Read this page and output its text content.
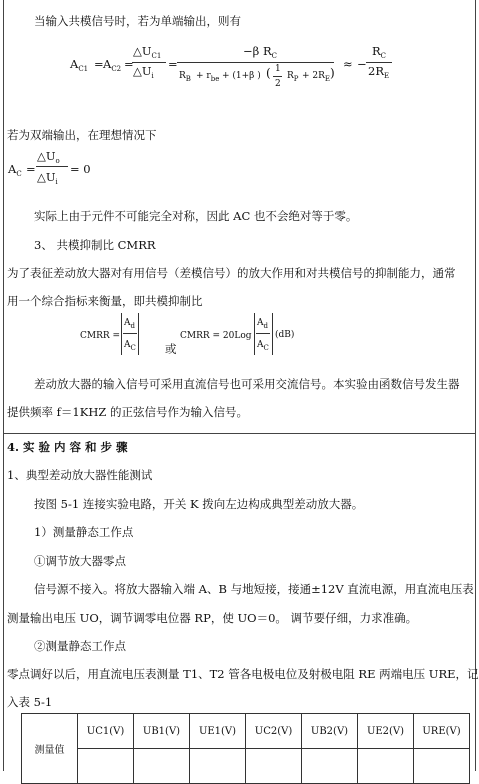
当输入共模信号时，若为单端输出，则有
$A_{C1} = A_{C2}$ =
$\triangle U_{C1}$
$\triangle U_i$
=
−β $R_C$
$R_B + r_{be} + (1+\beta$ ) ( 1
2
$R_P + 2R_E$ )
≈ −
$R_C$
$2R_E$
若为双端输出，在理想情况下
$A_C$ =
$\triangle U_o$
$\triangle U_i$
= 0
实际上由于元件不可能完全对称，因此 AC 也不会绝对等于零。
3、 共模抑制比 CMRR
为了表征差动放大器对有用信号（差模信号）的放大作用和对共模信号的抑制能力，通常
用一个综合指标来衡量，即共模抑制比
CMRR =
$A_d$
$A_C$	或
CMRR = 20Log
$A_d$
$A_C$
(dB)
差动放大器的输入信号可采用直流信号也可采用交流信号。本实验由函数信号发生器
提供频率 f＝1KHZ 的正弦信号作为输入信号。
4. 实 验 内 容 和 步 骤
1、典型差动放大器性能测试
按图 5-1 连接实验电路，开关 K 拨向左边构成典型差动放大器。
1）测量静态工作点
①调节放大器零点
信号源不接入。将放大器输入端 A、B 与地短接，接通±12V 直流电源，用直流电压表
测量输出电压 UO，调节调零电位器 RP，使 UO＝0。 调节要仔细，力求准确。
②测量静态工作点
零点调好以后，用直流电压表测量 T1、T2 管各电极电位及射极电阻 RE 两端电压 URE，记
入表 5-1
测量值	UC1(V)	UB1(V)	UE1(V)	UC2(V)	UB2(V)	UE2(V)	URE(V)
